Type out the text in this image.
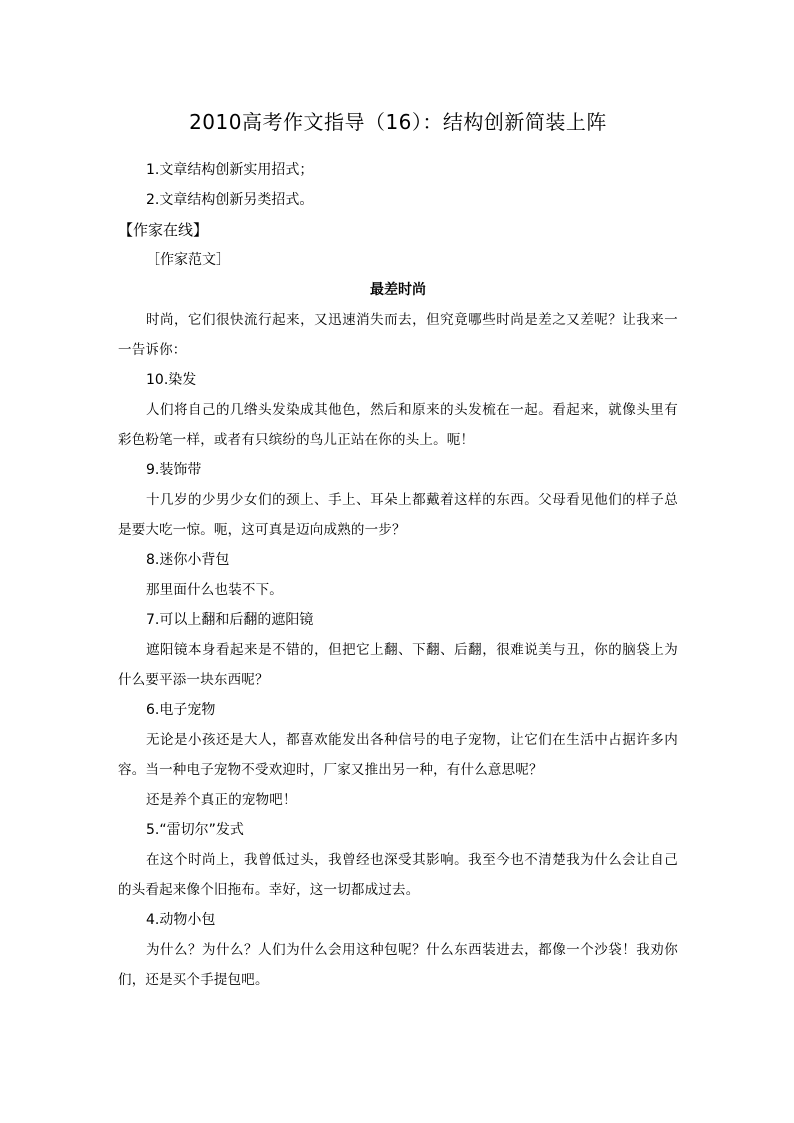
2010高考作文指导（16）：结构创新简装上阵
1.文章结构创新实用招式；
2.文章结构创新另类招式。
【作家在线】
［作家范文］
最差时尚
时尚，它们很快流行起来，又迅速消失而去，但究竟哪些时尚是差之又差呢？让我来一一告诉你：
10.染发
人们将自己的几绺头发染成其他色，然后和原来的头发梳在一起。看起来，就像头里有彩色粉笔一样，或者有只缤纷的鸟儿正站在你的头上。呃！
9.装饰带
十几岁的少男少女们的颈上、手上、耳朵上都戴着这样的东西。父母看见他们的样子总是要大吃一惊。呃，这可真是迈向成熟的一步？
8.迷你小背包
那里面什么也装不下。
7.可以上翻和后翻的遮阳镜
遮阳镜本身看起来是不错的，但把它上翻、下翻、后翻，很难说美与丑，你的脑袋上为什么要平添一块东西呢？
6.电子宠物
无论是小孩还是大人，都喜欢能发出各种信号的电子宠物，让它们在生活中占据许多内容。当一种电子宠物不受欢迎时，厂家又推出另一种，有什么意思呢？
还是养个真正的宠物吧！
5.“雷切尔”发式
在这个时尚上，我曾低过头，我曾经也深受其影响。我至今也不清楚我为什么会让自己的头看起来像个旧拖布。幸好，这一切都成过去。
4.动物小包
为什么？为什么？人们为什么会用这种包呢？什么东西装进去，都像一个沙袋！我劝你们，还是买个手提包吧。
